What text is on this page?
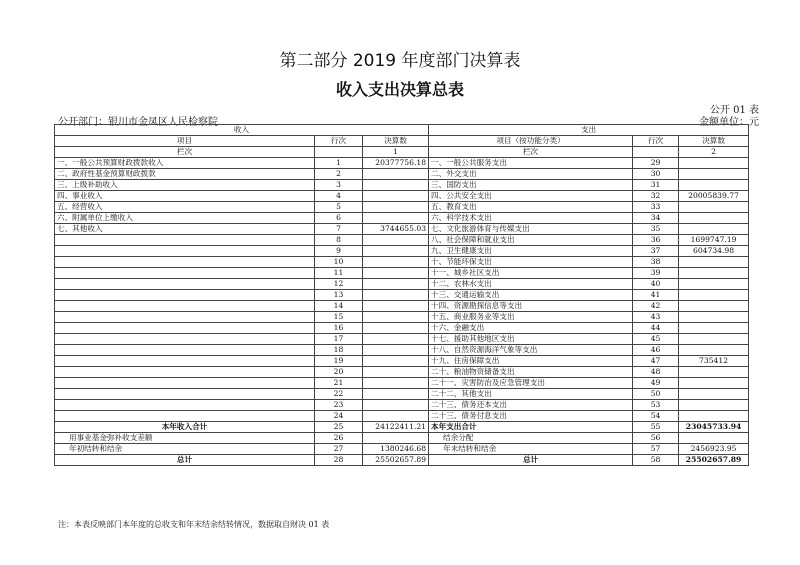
第二部分 2019 年度部门决算表
收入支出决算总表
公开 01 表
公开部门：银川市金凤区人民检察院	金额单位：元
收入			支出		
项目	行次	决算数	项目（按功能分类）	行次	决算数
栏次		1	栏次		2
一、一般公共预算财政拨款收入	1	20377756.18	一、一般公共服务支出	29	
二、政府性基金预算财政拨款	2		二、外交支出	30	
三、上级补助收入	3		三、国防支出	31	
四、事业收入	4		四、公共安全支出	32	20005839.77
五、经营收入	5		五、教育支出	33	
六、附属单位上缴收入	6		六、科学技术支出	34	
七、其他收入	7	3744655.03	七、文化旅游体育与传媒支出	35	
	8		八、社会保障和就业支出	36	1699747.19
	9		九、卫生健康支出	37	604734.98
	10		十、节能环保支出	38	
	11		十一、城乡社区支出	39	
	12		十二、农林水支出	40	
	13		十三、交通运输支出	41	
	14		十四、资源勘探信息等支出	42	
	15		十五、商业服务业等支出	43	
	16		十六、金融支出	44	
	17		十七、援助其他地区支出	45	
	18		十八、自然资源海洋气象等支出	46	
	19		十九、住房保障支出	47	735412
	20		二十、粮油物资储备支出	48	
	21		二十一、灾害防治及应急管理支出	49	
	22		二十二、其他支出	50	
	23		二十三、债务还本支出	53	
	24		二十三、债务付息支出	54	
本年收入合计	25	24122411.21	本年支出合计	55	23045733.94
用事业基金弥补收支差额	26		结余分配	56	
年初结转和结余	27	1380246.68	年末结转和结余	57	2456923.95
总计	28	25502657.89	总计	58	25502657.89
注：本表反映部门本年度的总收支和年末结余结转情况，数据取自财决 01 表
